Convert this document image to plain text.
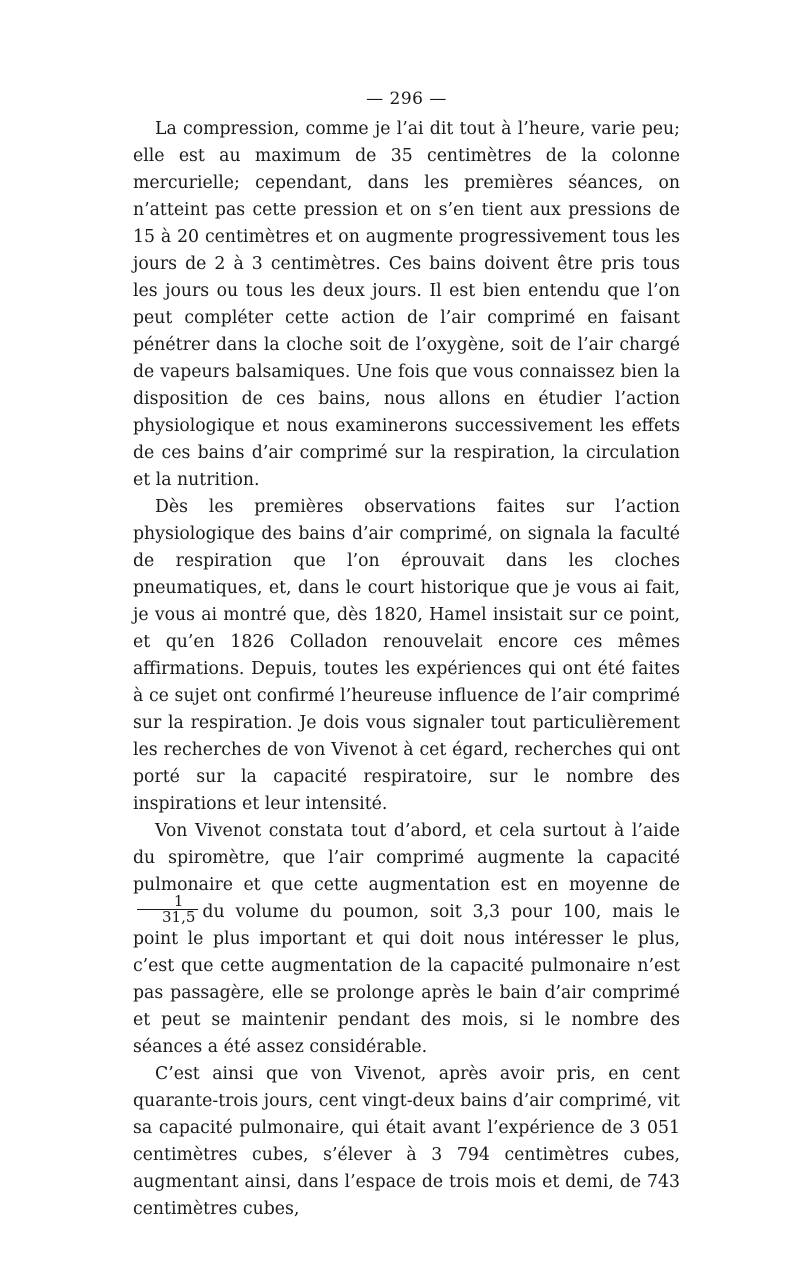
— 296 —

La compression, comme je l’ai dit tout à l’heure, varie peu; elle est au maximum de 35 centimètres de la colonne mercurielle; cependant, dans les premières séances, on n’atteint pas cette pression et on s’en tient aux pressions de 15 à 20 centimètres et on augmente progressivement tous les jours de 2 à 3 centimètres. Ces bains doivent être pris tous les jours ou tous les deux jours. Il est bien entendu que l’on peut compléter cette action de l’air comprimé en faisant pénétrer dans la cloche soit de l’oxygène, soit de l’air chargé de vapeurs balsamiques. Une fois que vous connaissez bien la disposition de ces bains, nous allons en étudier l’action physiologique et nous examinerons successivement les effets de ces bains d’air comprimé sur la respiration, la circulation et la nutrition.

Dès les premières observations faites sur l’action physiologique des bains d’air comprimé, on signala la faculté de respiration que l’on éprouvait dans les cloches pneumatiques, et, dans le court historique que je vous ai fait, je vous ai montré que, dès 1820, Hamel insistait sur ce point, et qu’en 1826 Colladon renouvelait encore ces mêmes affirmations. Depuis, toutes les expériences qui ont été faites à ce sujet ont confirmé l’heureuse influence de l’air comprimé sur la respiration. Je dois vous signaler tout particulièrement les recherches de von Vivenot à cet égard, recherches qui ont porté sur la capacité respiratoire, sur le nombre des inspirations et leur intensité.

Von Vivenot constata tout d’abord, et cela surtout à l’aide du spiromètre, que l’air comprimé augmente la capacité pulmonaire et que cette augmentation est en moyenne de
$\frac{1}{31,5}$ du volume du poumon, soit 3,3 pour 100, mais le point le plus important et qui doit nous intéresser le plus, c’est que cette augmentation de la capacité pulmonaire n’est pas passagère, elle se prolonge après le bain d’air comprimé et peut se maintenir pendant des mois, si le nombre des séances a été assez considérable.

C’est ainsi que von Vivenot, après avoir pris, en cent quarante-trois jours, cent vingt-deux bains d’air comprimé, vit sa capacité pulmonaire, qui était avant l’expérience de 3 051 centimètres cubes, s’élever à 3 794 centimètres cubes, augmentant ainsi, dans l’espace de trois mois et demi, de 743 centimètres cubes,
